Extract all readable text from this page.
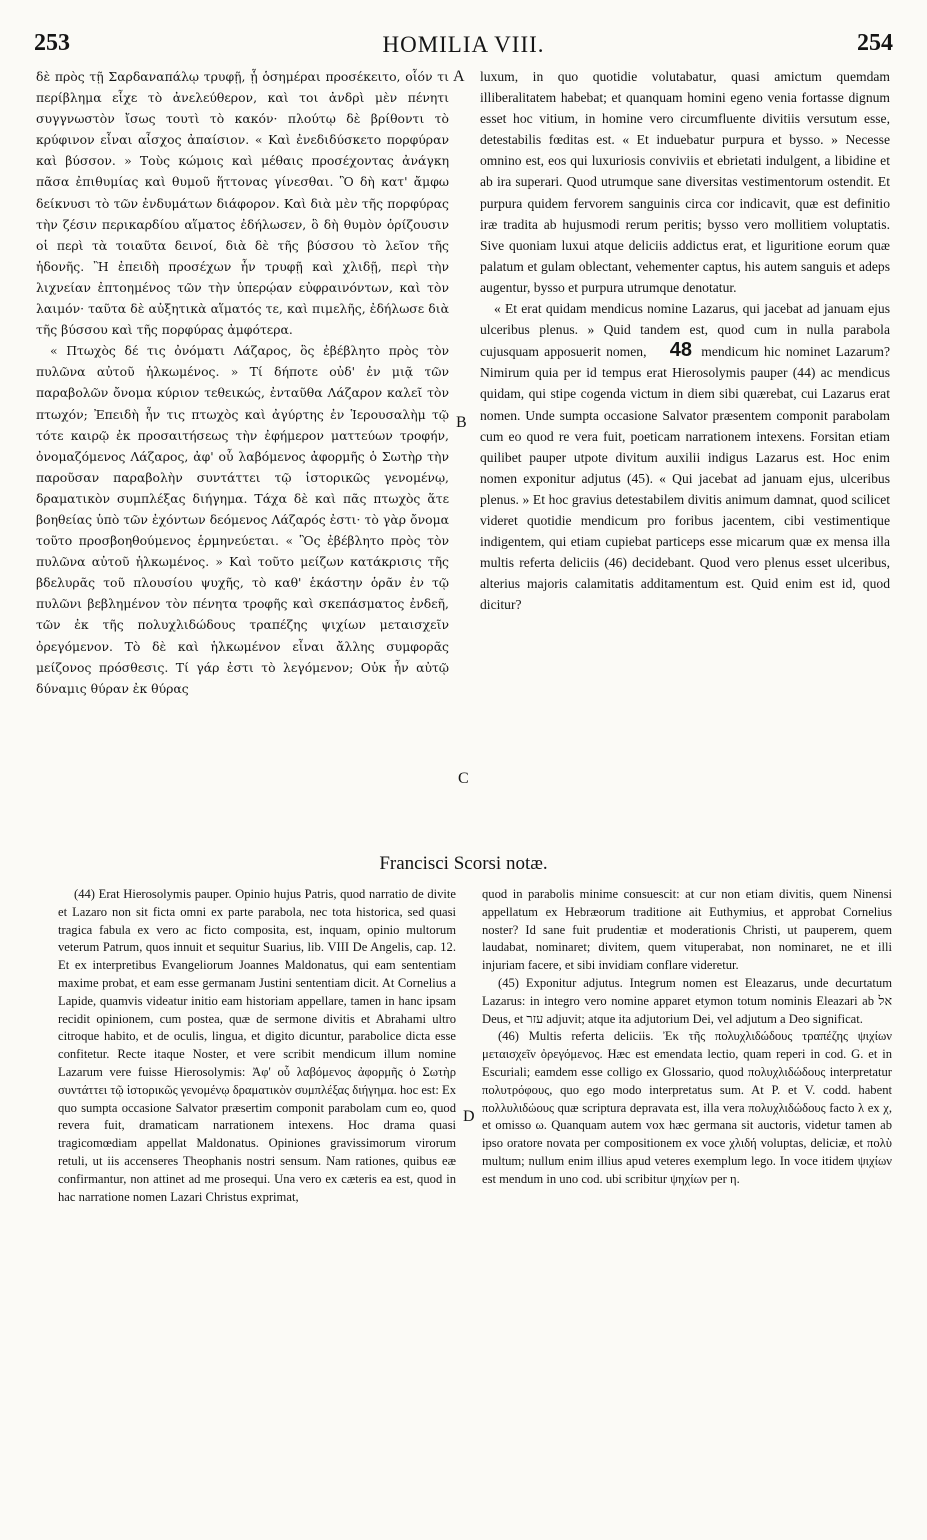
253	HOMILIA VIII.	254

δὲ πρὸς τῇ Σαρδαναπάλῳ τρυφῇ, ᾗ ὁσημέραι προσέκειτο, οἷόν τι περίβλημα εἶχε τὸ ἀνελεύθερον, καὶ τοι ἀνδρὶ μὲν πένητι συγγνωστὸν ἴσως τουτὶ τὸ κακόν· πλούτῳ δὲ βρίθοντι τὸ κρύφινον εἶναι αἶσχος ἀπαίσιον. « Καὶ ἐνεδιδύσκετο πορφύραν καὶ βύσσον. » Τοὺς κώμοις καὶ μέθαις προσέχοντας ἀνάγκη πᾶσα ἐπιθυμίας καὶ θυμοῦ ἥττονας γίνεσθαι. Ὃ δὴ κατ' ἄμφω δείκνυσι τὸ τῶν ἐνδυμάτων διάφορον. Καὶ διὰ μὲν τῆς πορφύρας τὴν ζέσιν περικαρδίου αἵματος ἐδήλωσεν, ὃ δὴ θυμὸν ὁρίζουσιν οἱ περὶ τὰ τοιαῦτα δεινοί, διὰ δὲ τῆς βύσσου τὸ λεῖον τῆς ἡδονῆς. Ἢ ἐπειδὴ προσέχων ἦν τρυφῇ καὶ χλιδῇ, περὶ τὴν λιχνείαν ἐπτοημένος τῶν τὴν ὑπερῴαν εὐφραινόντων, καὶ τὸν λαιμόν· ταῦτα δὲ αὐξητικὰ αἵματός τε, καὶ πιμελῆς, ἐδήλωσε διὰ τῆς βύσσου καὶ τῆς πορφύρας ἀμφότερα.

« Πτωχὸς δέ τις ὀνόματι Λάζαρος, ὃς ἐβέβλητο πρὸς τὸν πυλῶνα αὐτοῦ ἡλκωμένος. » Τί δήποτε οὐδ' ἐν μιᾷ τῶν παραβολῶν ὄνομα κύριον τεθεικώς, ἐνταῦθα Λάζαρον καλεῖ τὸν πτωχόν; Ἐπειδὴ ἦν τις πτωχὸς καὶ ἀγύρτης ἐν Ἱερουσαλὴμ τῷ τότε καιρῷ ἐκ προσαιτήσεως τὴν ἐφήμερον ματτεύων τροφήν, ὀνομαζόμενος Λάζαρος, ἀφ' οὗ λαβόμενος ἀφορμῆς ὁ Σωτὴρ τὴν παροῦσαν παραβολὴν συντάττει τῷ ἱστορικῶς γενομένῳ, δραματικὸν συμπλέξας διήγημα. Τάχα δὲ καὶ πᾶς πτωχὸς ἅτε βοηθείας ὑπὸ τῶν ἐχόντων δεόμενος Λάζαρός ἐστι· τὸ γὰρ ὄνομα τοῦτο προσβοηθούμενος ἑρμηνεύεται. « Ὃς ἐβέβλητο πρὸς τὸν πυλῶνα αὐτοῦ ἡλκωμένος. » Καὶ τοῦτο μείζων κατάκρισις τῆς βδελυρᾶς τοῦ πλουσίου ψυχῆς, τὸ καθ' ἑκάστην ὁρᾶν ἐν τῷ πυλῶνι βεβλημένον τὸν πένητα τροφῆς καὶ σκεπάσματος ἐνδεῆ, τῶν ἐκ τῆς πολυχλιδώδους τραπέζης ψιχίων μεταισχεῖν ὀρεγόμενον. Τὸ δὲ καὶ ἡλκωμένον εἶναι ἄλλης συμφορᾶς μείζονος πρόσθεσις. Τί γάρ ἐστι τὸ λεγόμενον; Οὐκ ἦν αὐτῷ δύναμις θύραν ἐκ θύρας

luxum, in quo quotidie volutabatur, quasi amictum quemdam illiberalitatem habebat; et quanquam homini egeno venia fortasse dignum esset hoc vitium, in homine vero circumfluente divitiis versutum esse, detestabilis fœditas est. « Et induebatur purpura et bysso. » Necesse omnino est, eos qui luxuriosis conviviis et ebrietati indulgent, a libidine et ab ira superari. Quod utrumque sane diversitas vestimentorum ostendit. Et purpura quidem fervorem sanguinis circa cor indicavit, quæ est definitio iræ tradita ab hujusmodi rerum peritis; bysso vero mollitiem voluptatis. Sive quoniam luxui atque deliciis addictus erat, et liguritione eorum quæ palatum et gulam oblectant, vehementer captus, his autem sanguis et adeps augentur, bysso et purpura utrumque denotatur.

« Et erat quidam mendicus nomine Lazarus, qui jacebat ad januam ejus ulceribus plenus. » Quid tandem est, quod cum in nulla parabola cujusquam apposuerit nomen, 48 mendicum hic nominet Lazarum? Nimirum quia per id tempus erat Hierosolymis pauper (44) ac mendicus quidam, qui stipe cogenda victum in diem sibi quærebat, cui Lazarus erat nomen. Unde sumpta occasione Salvator præsentem componit parabolam cum eo quod re vera fuit, poeticam narrationem intexens. Forsitan etiam quilibet pauper utpote divitum auxilii indigus Lazarus est. Hoc enim nomen exponitur adjutus (45). « Qui jacebat ad januam ejus, ulceribus plenus. » Et hoc gravius detestabilem divitis animum damnat, quod scilicet videret quotidie mendicum pro foribus jacentem, cibi vestimentique indigentem, qui etiam cupiebat particeps esse micarum quæ ex mensa illa multis referta deliciis (46) decidebant. Quod vero plenus esset ulceribus, alterius majoris calamitatis additamentum est. Quid enim est id, quod dicitur?

A
B
C
D
Francisci Scorsi notæ.

(44) Erat Hierosolymis pauper. Opinio hujus Patris, quod narratio de divite et Lazaro non sit ficta omni ex parte parabola, nec tota historica, sed quasi tragica fabula ex vero ac ficto composita, est, inquam, opinio multorum veterum Patrum, quos innuit et sequitur Suarius, lib. VIII De Angelis, cap. 12. Et ex interpretibus Evangeliorum Joannes Maldonatus, qui eam sententiam maxime probat, et eam esse germanam Justini sententiam dicit. At Cornelius a Lapide, quamvis videatur initio eam historiam appellare, tamen in hanc ipsam recidit opinionem, cum postea, quæ de sermone divitis et Abrahami ultro citroque habito, et de oculis, lingua, et digito dicuntur, parabolice dicta esse confitetur. Recte itaque Noster, et vere scribit mendicum illum nomine Lazarum vere fuisse Hierosolymis: Ἀφ' οὗ λαβόμενος ἀφορμῆς ὁ Σωτὴρ συντάττει τῷ ἱστορικῶς γενομένῳ δραματικὸν συμπλέξας διήγημα. hoc est: Ex quo sumpta occasione Salvator præsertim componit parabolam cum eo, quod revera fuit, dramaticam narrationem intexens. Hoc drama quasi tragicomœdiam appellat Maldonatus. Opiniones gravissimorum virorum retuli, ut iis accenseres Theophanis nostri sensum. Nam rationes, quibus eæ confirmantur, non attinet ad me prosequi. Una vero ex cæteris ea est, quod in hac narratione nomen Lazari Christus exprimat,

quod in parabolis minime consuescit: at cur non etiam divitis, quem Ninensi appellatum ex Hebræorum traditione ait Euthymius, et approbat Cornelius noster? Id sane fuit prudentiæ et moderationis Christi, ut pauperem, quem laudabat, nominaret; divitem, quem vituperabat, non nominaret, ne et illi injuriam facere, et sibi invidiam conflare videretur.

(45) Exponitur adjutus. Integrum nomen est Eleazarus, unde decurtatum Lazarus: in integro vero nomine apparet etymon totum nominis Eleazari ab אל Deus, et עזר adjuvit; atque ita adjutorium Dei, vel adjutum a Deo significat.

(46) Multis referta deliciis. Ἐκ τῆς πολυχλιδώδους τραπέζης ψιχίων μεταισχεῖν ὀρεγόμενος. Hæc est emendata lectio, quam reperi in cod. G. et in Escuriali; eamdem esse colligo ex Glossario, quod πολυχλιδώδους interpretatur πολυτρόφους, quo ego modo interpretatus sum. At P. et V. codd. habent πολλυλιδώους quæ scriptura depravata est, illa vera πολυχλιδώδους facto λ ex χ, et omisso ω. Quanquam autem vox hæc germana sit auctoris, videtur tamen ab ipso oratore novata per compositionem ex voce χλιδή voluptas, deliciæ, et πολὺ multum; nullum enim illius apud veteres exemplum lego. In voce itidem ψιχίων est mendum in uno cod. ubi scribitur ψηχίων per η.
